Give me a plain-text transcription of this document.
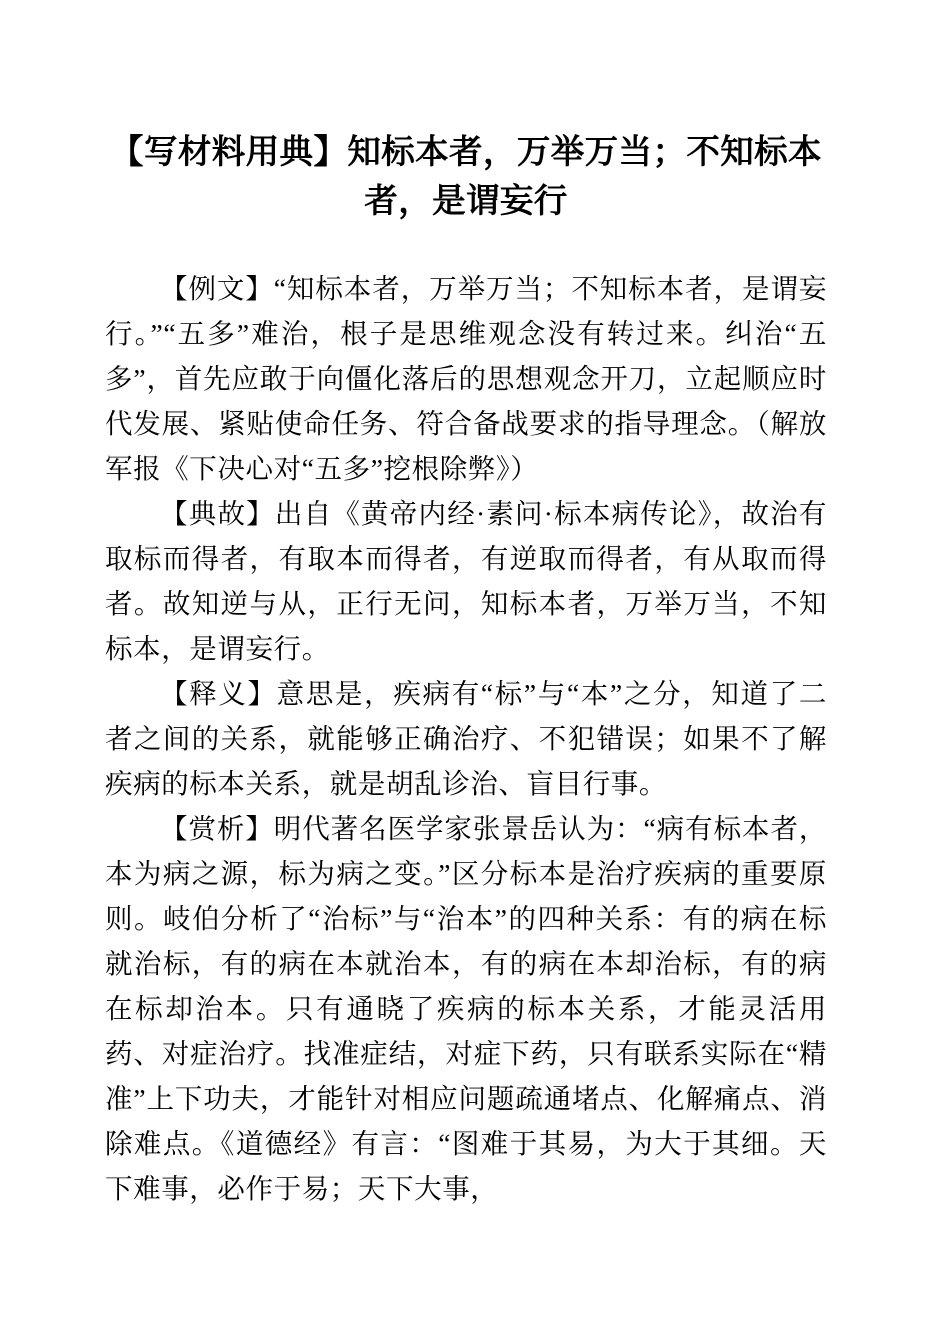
【写材料用典】知标本者，万举万当；不知标本者，是谓妄行

【例文】“知标本者，万举万当；不知标本者，是谓妄行。”“五多”难治，根子是思维观念没有转过来。纠治“五多”，首先应敢于向僵化落后的思想观念开刀，立起顺应时代发展、紧贴使命任务、符合备战要求的指导理念。（解放军报《下决心对“五多”挖根除弊》）

【典故】出自《黄帝内经·素问·标本病传论》，故治有取标而得者，有取本而得者，有逆取而得者，有从取而得者。故知逆与从，正行无问，知标本者，万举万当，不知标本，是谓妄行。

【释义】意思是，疾病有“标”与“本”之分，知道了二者之间的关系，就能够正确治疗、不犯错误；如果不了解疾病的标本关系，就是胡乱诊治、盲目行事。

【赏析】明代著名医学家张景岳认为：“病有标本者，本为病之源，标为病之变。”区分标本是治疗疾病的重要原则。岐伯分析了“治标”与“治本”的四种关系：有的病在标就治标，有的病在本就治本，有的病在本却治标，有的病在标却治本。只有通晓了疾病的标本关系，才能灵活用药、对症治疗。找准症结，对症下药，只有联系实际在“精准”上下功夫，才能针对相应问题疏通堵点、化解痛点、消除难点。《道德经》有言：“图难于其易，为大于其细。天下难事，必作于易；天下大事，
